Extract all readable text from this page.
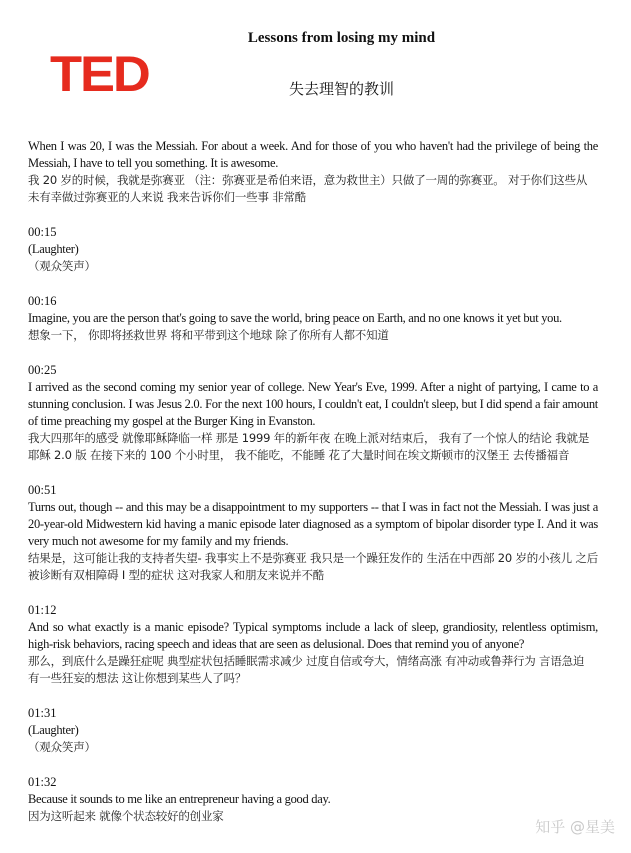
TED
Lessons from losing my mind
失去理智的教训
When I was 20, I was the Messiah. For about a week. And for those of you who haven't had the privilege of being the Messiah, I have to tell you something. It is awesome.
我 20 岁的时候，我就是弥赛亚 （注：弥赛亚是希伯来语，意为救世主）只做了一周的弥赛亚。 对于你们这些从未有幸做过弥赛亚的人来说 我来告诉你们一些事 非常酷
00:15
(Laughter)
（观众笑声）
00:16
Imagine, you are the person that's going to save the world, bring peace on Earth, and no one knows it yet but you.
想象一下， 你即将拯救世界 将和平带到这个地球 除了你所有人都不知道
00:25
I arrived as the second coming my senior year of college. New Year's Eve, 1999. After a night of partying, I came to a stunning conclusion. I was Jesus 2.0. For the next 100 hours, I couldn't eat, I couldn't sleep, but I did spend a fair amount of time preaching my gospel at the Burger King in Evanston.
我大四那年的感受 就像耶稣降临一样 那是 1999 年的新年夜 在晚上派对结束后， 我有了一个惊人的结论 我就是耶稣 2.0 版 在接下来的 100 个小时里， 我不能吃，不能睡 花了大量时间在埃文斯顿市的汉堡王 去传播福音
00:51
Turns out, though -- and this may be a disappointment to my supporters -- that I was in fact not the Messiah. I was just a 20-year-old Midwestern kid having a manic episode later diagnosed as a symptom of bipolar disorder type I. And it was very much not awesome for my family and my friends.
结果是，这可能让我的支持者失望- 我事实上不是弥赛亚 我只是一个躁狂发作的 生活在中西部 20 岁的小孩儿 之后被诊断有双相障碍 I 型的症状 这对我家人和朋友来说并不酷
01:12
And so what exactly is a manic episode? Typical symptoms include a lack of sleep, grandiosity, relentless optimism, high-risk behaviors, racing speech and ideas that are seen as delusional. Does that remind you of anyone?
那么，到底什么是躁狂症呢 典型症状包括睡眠需求减少 过度自信或夸大，情绪高涨 有冲动或鲁莽行为 言语急迫 有一些狂妄的想法 这让你想到某些人了吗？
01:31
(Laughter)
（观众笑声）
01:32
Because it sounds to me like an entrepreneur having a good day.
因为这听起来 就像个状态较好的创业家
知乎 @星美
